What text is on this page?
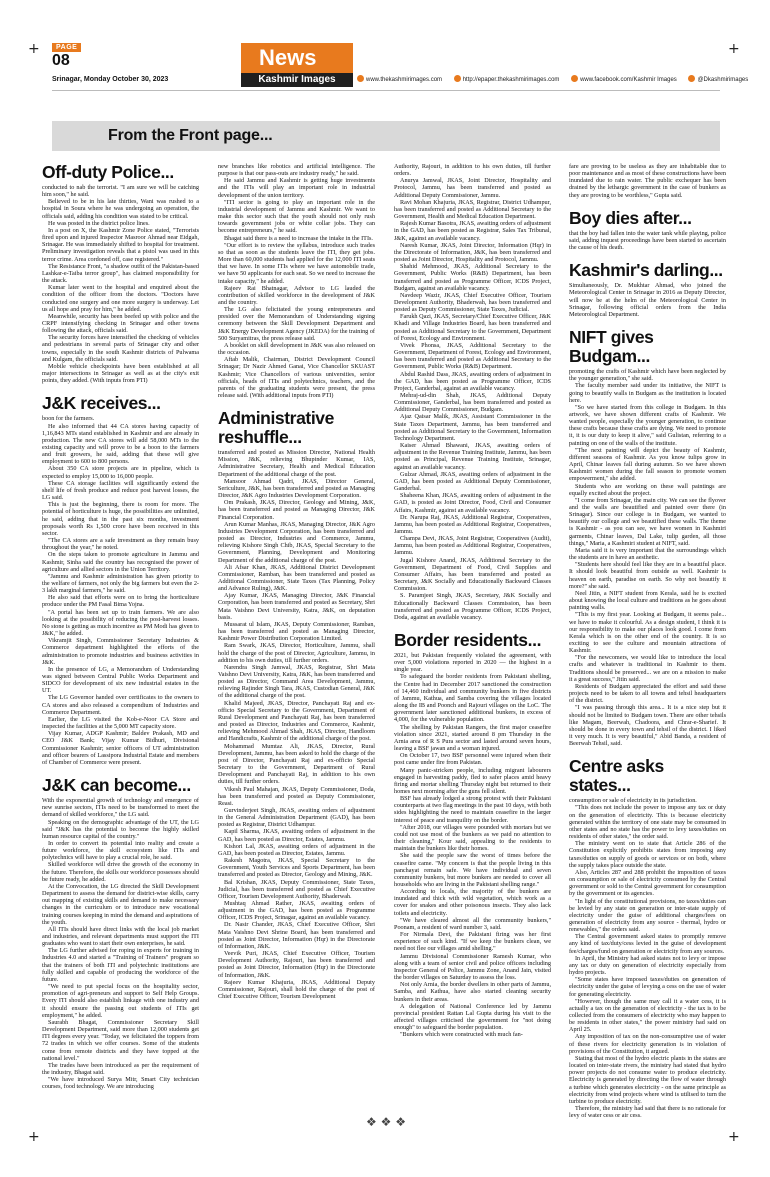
+	+
+	+
PAGE
08
Srinagar, Monday October 30, 2023
News
Kashmir Images	www.thekashmirimages.com	http://epaper.thekashmirimages.com	www.facebook.com/Kashmir Images	@Dkashmirimages
From the Front page...
Off-duty Police...

conducted to nab the terrorist. "I am sure we will be catching him soon," he said.

Believed to be in his late thirties, Wani was rushed to a hospital in Soura where he was undergoing an operation, the officials said, adding his condition was stated to be critical.

He was posted in the district police lines.

In a post on X, the Kashmir Zone Police stated, "Terrorists fired upon and injured Inspector Masroor Ahmad near Eidgah, Srinagar. He was immediately shifted to hospital for treatment. Preliminary investigation reveals that a pistol was used in this terror crime. Area cordoned off, case registered."

The Resistance Front, "a shadow outfit of the Pakistan-based Lashkar-e-Taiba terror group", has claimed responsibility for the attack.

Kumar later went to the hospital and enquired about the condition of the officer from the doctors. "Doctors have conducted one surgery and one more surgery is underway. Let us all hope and pray for him," he added.

Meanwhile, security has been beefed up with police and the CRPF intensifying checking in Srinagar and other towns following the attack, officials said.

The security forces have intensified the checking of vehicles and pedestrians in several parts of Srinagar city and other towns, especially in the south Kashmir districts of Pulwama and Kulgam, the officials said.

Mobile vehicle checkpoints have been established at all major intersections in Srinagar as well as at the city's exit points, they added. (With inputs from PTI)

J&K receives...

boon for the farmers.

He also informed that 44 CA stores having capacity of 1,16,843 MTs stand established in Kashmir and are already in production. The new CA stores will add 58,000 MTs to the existing capacity and will prove to be a boon to the farmers and fruit growers, he said, adding that these will give employment to 600 to 800 persons.

About 350 CA store projects are in pipeline, which is expected to employ 15,000 to 16,000 people.

These CA storage facilities will significantly extend the shelf life of fresh produce and reduce post harvest losses, the LG said.

This is just the beginning, there is room for more. The potential of horticulture is huge, the possibilities are unlimited, he said, adding that in the past six months, investment proposals worth Rs 1,500 crore have been received in this sector.

"The CA stores are a safe investment as they remain busy throughout the year," he noted.

On the steps taken to promote agriculture in Jammu and Kashmir, Sinha said the country has recognised the power of agriculture and allied sectors in the Union Territory.

"Jammu and Kashmir administration has given priority to the welfare of farmers, not only the big farmers but even the 2-3 lakh marginal farmers," he said.

He also said that efforts were on to bring the horticulture produce under the PM Fasal Bima Yojna.

"A portal has been set up to train farmers. We are also looking at the possibility of reducing the post-harvest losses. No stone is getting as much incentive as PM Modi has given to J&K," he added.

Vikramjit Singh, Commissioner Secretary Industries & Commerce department highlighted the efforts of the administration to promote industries and business activities in J&K.

In the presence of LG, a Memorandum of Understanding was signed between Central Public Works Department and SIDCO for development of six new industrial estates in the UT.

The LG Governor handed over certificates to the owners to CA stores and also released a compendium of Industries and Commerce Department.

Earlier, the LG visited the Kob-e-Noor CA Store and inspected the facilities at the 5,000 MT capacity store.

Vijay Kumar, ADGP Kashmir; Baldev Prakash, MD and CEO J&K Bank; Vijay Kumar Bidhuri, Divisional Commissioner Kashmir; senior officers of UT administration and officer bearers of Lassipora Industrial Estate and members of Chamber of Commerce were present.

J&K can become...

With the exponential growth of technology and emergence of new sunrise sectors, ITIs need to be transformed to meet the demand of skilled workforce," the LG said.

Speaking on the demographic advantage of the UT, the LG said "J&K has the potential to become the highly skilled human resource capital of the country."

In order to convert its potential into reality and create a future workforce, the skill ecosystem like ITIs and polytechnics will have to play a crucial role, he said.

Skilled workforce will drive the growth of the economy in the future. Therefore, the skills our workforce possesses should be future ready, he added.

At the Convocation, the LG directed the Skill Development Department to assess the demand for district-wise skills, carry out mapping of existing skills and demand to make necessary changes in the curriculum or to introduce new vocational training courses keeping in mind the demand and aspirations of the youth.

All ITIs should have direct links with the local job market and industries, and relevant departments must support the ITI graduates who want to start their own enterprises, he said.

The LG further advised for roping in experts for training in Industries 4.0 and started a "Training of Trainers" program so that the trainers of both ITI and polytechnic institutions are fully skilled and capable of producing the workforce of the future.

"We need to put special focus on the hospitality sector, promotion of agri-preneurs and support to Self Help Groups. Every ITI should also establish linkage with one industry and it should ensure the passing out students of ITIs get employment," he added.

Saurabh Bhagat, Commissioner Secretary Skill Development Department, said more than 12,000 students get ITI degrees every year. "Today, we felicitated the toppers from 72 trades in which we offer courses. Some of the students come from remote districts and they have topped at the national level."

The trades have been introduced as per the requirement of the industry, Bhagat said.

"We have introduced Surya Mitr, Smart City technician courses, food technology. We are introducing

new branches like robotics and artificial intelligence. The purpose is that our pass-outs are industry ready," he said.

He said Jammu and Kashmir is getting huge investments and the ITIs will play an important role in industrial development of the union territory.

"ITI sector is going to play an important role in the industrial development of Jammu and Kashmir. We want to make this sector such that the youth should not only rush towards government jobs or white collar jobs. They can become entrepreneurs," he said.

Bhagat said there is a need to increase the intake in the ITIs.

"Our effort is to review the syllabus, introduce such trades so that as soon as the students leave the ITI, they get jobs. More than 60,000 students had applied for the 12,000 ITI seats that we have. In some ITIs where we have automobile trade, we have 50 applicants for each seat. So we need to increase the intake capacity," he added.

Rajeev Rai Bhatnagar, Advisor to LG lauded the contribution of skilled workforce in the development of J&K and the country.

The LG also felicitated the young entrepreneurs and presided over the Memorandum of Understanding signing ceremony between the Skill Development Department and J&K Energy Development Agency (JKEDA) for the training of 500 Suryamitras, the press release said.

A booklet on skill development in J&K was also released on the occasion.

Aftab Malik, Chairman, District Development Council Srinagar; Dr Nazir Ahmed Ganai, Vice Chancellor SKUAST Kashmir; Vice Chancellors of various universities, senior officials, heads of ITIs and polytechnics, teachers, and the parents of the graduating students were present, the press release said. (With additional inputs from PTI)

Administrative reshuffle...

transferred and posted as Mission Director, National Health Mission, J&K, relieving Bhupinder Kumar, IAS, Administrative Secretary, Health and Medical Education Department of the additional charge of the post.

Mansoor Ahmad Qadri, JKAS, Director General, Sericulture, J&K, has been transferred and posted as Managing Director, J&K Agro Industries Development Corporation.

Om Prakash, JKAS, Director, Geology and Mining, J&K, has been transferred and posted as Managing Director, J&K Financial Corporation.

Arun Kumar Manhas, JKAS, Managing Director, J&K Agro Industries Development Corporation, has been transferred and posted as Director, Industries and Commerce, Jammu, relieving Kishore Singh Chib, JKAS, Special Secretary to the Government, Planning, Development and Monitoring Department of the additional charge of the post.

Ali Afsar Khan, JKAS, Additional District Development Commissioner, Ramban, has been transferred and posted as Additional Commissioner, State Taxes (Tax Planning, Policy and Advance Ruling), J&K.

Ajay Kumar, JKAS, Managing Director, J&K Financial Corporation, has been transferred and posted as Secretary, Shri Mata Vaishno Devi University, Katra, J&K, on deputation basis.

Mussarat ul Islam, JKAS, Deputy Commissioner, Ramban, has been transferred and posted as Managing Director, Kashmir Power Distribution Corporation Limited.

Ram Swark, JKAS, Director, Horticulture, Jammu, shall hold the charge of the post of Director, Agriculture, Jammu, in addition to his own duties, till further orders.

Narendra Singh Jamwal, JKAS, Registrar, Shri Mata Vaishno Devi University, Katra, J&K, has been transferred and posted as Director, Command Area Development, Jammu, relieving Rajinder Singh Tara, JKAS, Custodian General, J&K of the additional charge of the post.

Khalid Majeed, JKAS, Director, Panchayati Raj and ex-officio Special Secretary to the Government, Department of Rural Development and Panchayati Raj, has been transferred and posted as Director, Industries and Commerce, Kashmir, relieving Mehmood Ahmad Shah, JKAS, Director, Handloom and Handicrafts, Kashmir of the additional charge of the post.

Mohammad Mumtaz Ali, JKAS, Director, Rural Development, Jammu, has been asked to hold the charge of the post of Director, Panchayati Raj and ex-officio Special Secretary to the Government, Department of Rural Development and Panchayati Raj, in addition to his own duties, till further orders.

Vikesh Paul Mahajan, JKAS, Deputy Commissioner, Doda, has been transferred and posted as Deputy Commissioner, Reasi.

Gurvinderjeet Singh, JKAS, awaiting orders of adjustment in the General Administration Department (GAD), has been posted as Registrar, District Udhampur.

Kapil Sharma, JKAS, awaiting orders of adjustment in the GAD, has been posted as Director, Estates, Jammu.

Kishori Lal, JKAS, awaiting orders of adjustment in the GAD, has been posted as Director, Estates, Jammu.

Rakesh Magotra, JKAS, Special Secretary to the Government, Youth Services and Sports Department, has been transferred and posted as Director, Geology and Mining, J&K.

Bal Krishan, JKAS, Deputy Commissioner, State Taxes, Judicial, has been transferred and posted as Chief Executive Officer, Tourism Development Authority, Bhaderwah.

Mushtaq Ahmad Rather, JKAS, awaiting orders of adjustment in the GAD, has been posted as Programme Officer, ICDS Project, Srinagar, against an available vacancy.

Dr. Nasir Chander, JKAS, Chief Executive Officer, Shri Mata Vaishno Devi Shrine Board, has been transferred and posted as Joint Director, Information (Hqr) in the Directorate of Information, J&K.

Veevik Puri, JKAS, Chief Executive Officer, Tourism Development Authority, Rajouri, has been transferred and posted as Joint Director, Information (Hqr) in the Directorate of Information, J&K.

Rajeev Kumar Khajuria, JKAS, Additional Deputy Commissioner, Rajouri, shall hold the charge of the post of Chief Executive Officer, Tourism Development

Authority, Rajouri, in addition to his own duties, till further orders.

Anurya Jamwal, JKAS, Joint Director, Hospitality and Protocol, Jammu, has been transferred and posted as Additional Deputy Commissioner, Jammu.

Ravi Mohan Khajuria, JKAS, Registrar, District Udhampur, has been transferred and posted as Additional Secretary to the Government, Health and Medical Education Department.

Rajesh Kumar Basotra, JKAS, awaiting orders of adjustment in the GAD, has been posted as Registrar, Sales Tax Tribunal, J&K, against an available vacancy.

Naresh Kumar, JKAS, Joint Director, Information (Hqr) in the Directorate of Information, J&K, has been transferred and posted as Joint Director, Hospitality and Protocol, Jammu.

Shahid Mehmood, JKAS, Additional Secretary to the Government, Public Works (R&B) Department, has been transferred and posted as Programme Officer, ICDS Project, Budgam, against an available vacancy.

Navdeep Wazir, JKAS, Chief Executive Officer, Tourism Development Authority, Bhaderwah, has been transferred and posted as Deputy Commissioner, State Taxes, Judicial.

Farukh Qazi, JKAS, Secretary/Chief Executive Officer, J&K Khadi and Village Industries Board, has been transferred and posted as Additional Secretary to the Government, Department of Forest, Ecology and Environment.

Vivek Phonsa, JKAS, Additional Secretary to the Government, Department of Forest, Ecology and Environment, has been transferred and posted as Additional Secretary to the Government, Public Works (R&B) Department.

Abdul Rashid Dass, JKAS, awaiting orders of adjustment in the GAD, has been posted as Programme Officer, ICDS Project, Ganderbal, against an available vacancy.

Mehraj-ud-din Shah, JKAS, Additional Deputy Commissioner, Ganderbal, has been transferred and posted as Additional Deputy Commissioner, Budgam.

Ajaz Qaisar Malik, JKAS, Assistant Commissioner in the State Taxes Department, Jammu, has been transferred and posted as Additional Secretary to the Government, Information Technology Department.

Kaiser Ahmad Bhawani, JKAS, awaiting orders of adjustment in the Revenue Training Institute, Jammu, has been posted as Principal, Revenue Training Institute, Srinagar, against an available vacancy.

Gulzar Ahmad, JKAS, awaiting orders of adjustment in the GAD, has been posted as Additional Deputy Commissioner, Ganderbal.

Shaheena Khan, JKAS, awaiting orders of adjustment in the GAD, is posted as Joint Director, Food, Civil and Consumer Affairs, Kashmir, against an available vacancy.

Dr. Narupa Raj, JKAS, Additional Registrar, Cooperatives, Jammu, has been posted as Additional Registrar, Cooperatives, Jammu.

Champa Devi, JKAS, Joint Registrar, Cooperatives (Audit), Jammu, has been posted as Additional Registrar, Cooperatives, Jammu.

Jugal Kishore Anand, JKAS, Additional Secretary to the Government, Department of Food, Civil Supplies and Consumer Affairs, has been transferred and posted as Secretary, J&K Socially and Educationally Backward Classes Commission.

S. Paramjeet Singh, JKAS, Secretary, J&K Socially and Educationally Backward Classes Commission, has been transferred and posted as Programme Officer, ICDS Project, Doda, against an available vacancy.

Border residents...

2021, but Pakistan frequently violated the agreement, with over 5,000 violations reported in 2020 — the highest in a single year.

To safeguard the border residents from Pakistani shelling, the Centre had in December 2017 sanctioned the construction of 14,460 individual and community bunkers in five districts of Jammu, Kathua, and Samba covering the villages located along the IB and Poonch and Rajouri villages on the LoC. The government later sanctioned additional bunkers, in excess of 4,000, for the vulnerable population.

The shelling by Pakistan Rangers, the first major ceasefire violation since 2021, started around 8 pm Thursday in the Arnia area of R S Pura sector and lasted around seven hours, leaving a BSF jawan and a woman injured.

On October 17, two BSF personnel were injured when their post came under fire from Pakistan.

Many panic-stricken people, including migrant labourers engaged in harvesting paddy, fled to safer places amid heavy firing and mortar shelling Thursday night but returned to their homes next morning after the guns fell silent.

BSF has already lodged a strong protest with their Pakistani counterparts at two flag meetings in the past 10 days, with both sides highlighting the need to maintain ceasefire in the larger interest of peace and tranquility on the border.

"After 2018, our villages were pounded with mortars but we could not use most of the bunkers as we paid no attention to their cleaning," Kour said, appealing to the residents to maintain the bunkers like their homes.

She said the people saw the worst of times before the ceasefire came. "My concern is that the people living in this panchayat remain safe. We have individual and seven community bunkers, but more bunkers are needed to cover all households who are living in the Pakistani shelling range."

According to locals, the majority of the bunkers are inundated and thick with wild vegetation, which work as a cover for snakes and other poisonous insects. They also lack toilets and electricity.

"We have cleared almost all the community bunkers," Poonam, a resident of ward number 3, said.

For Nirmala Devi, the Pakistani firing was her first experience of such kind. "If we keep the bunkers clean, we need not flee our villages amid shelling."

Jammu Divisional Commissioner Ramesh Kumar, who along with a team of senior civil and police officers including Inspector General of Police, Jammu Zone, Anand Jain, visited the border villages on Saturday to assess the loss.

Not only Arnia, the border dwellers in other parts of Jammu, Samba, and Kathua, have also started cleaning security bunkers in their areas.

A delegation of National Conference led by Jammu provincial president Rattan Lal Gupta during his visit to the affected villages criticised the government for "not doing enough" to safeguard the border population.

"Bunkers which were constructed with much fan-

fare are proving to be useless as they are inhabitable due to poor maintenance and as most of these constructions have been inundated due to rain water. The public exchequer has been drained by the lethargic government in the case of bunkers as they are proving to be worthless," Gupta said.

Boy dies after...

that the boy had fallen into the water tank while playing, police said, adding inquest proceedings have been started to ascertain the cause of his death.

Kashmir's darling...

Simultaneously, Dr. Mukhtar Ahmad, who joined the Meteorological Center in Srinagar in 2016 as Deputy Director, will now be at the helm of the Meteorological Center in Srinagar, following official orders from the India Meteorological Department.

NIFT gives Budgam...

promoting the crafts of Kashmir which have been neglected by the younger generation," she said.

The faculty member said under its initiative, the NIFT is going to beautify walls in Budgam as the institution is located here.

"So we have started from this college in Budgam. In this artwork, we have shown different crafts of Kashmir. We wanted people, especially the younger generation, to continue these crafts because these crafts are dying. We need to promote it, it is our duty to keep it alive," said Gulistan, referring to a painting on one of the walls of the institute.

"The next painting will depict the beauty of Kashmir, different seasons of Kashmir. As you know tulips grow in April, Chinar leaves fall during autumn. So we have shown Kashmiri women during the fall season to promote women empowerment," she added.

Students who are working on these wall paintings are equally excited about the project.

"I come from Srinagar, the main city. We can see the flyover and the walls are beautified and painted over there (in Srinagar). Since our college is in Budgam, we wanted to beautify our college and we beautified these walls. The theme is Kashmir - as you can see, we have women in Kashmiri garments, Chinar leaves, Dal Lake, tulip garden, all those things," Maria, a Kashmiri student at NIFT, said.

Maria said it is very important that the surroundings which the students are in have an aesthetic.

"Students here should feel like they are in a beautiful place. It should look beautiful from outside as well. Kashmir is heaven on earth, paradise on earth. So why not beautify it more?" she said.

Neel Jitin, a NIFT student from Kerala, said he is excited about knowing the local culture and traditions as he goes about painting walls.

"This is my first year. Looking at Budgam, it seems pale... we have to make it colourful. As a design student, I think it is our responsibility to make our places look good. I come from Kerala which is on the other end of the country. It is so exciting to see the culture and mountain attractions of Kashmir.

"For the newcomers, we would like to introduce the local crafts and whatever is traditional in Kashmir to them. Traditions should be preserved... we are on a mission to make it a great success," Jitin said.

Residents of Budgam appreciated the effort and said these projects need to be taken to all towns and tehsil headquarters of the district.

"I was passing through this area... It is a nice step but it should not be limited to Budgam town. There are other tehsils like Magam, Beerwah, Chadoora, and Chrar-e-Sharief. It should be done in every town and tehsil of the district. I liked it very much. It is very beautiful," Abid Banda, a resident of Beerwah Tehsil, said.

Centre asks states...

consumption or sale of electricity in its jurisdiction.

"This does not include the power to impose any tax or duty on the generation of electricity. This is because electricity generated within the territory of one state may be consumed in other states and no state has the power to levy taxes/duties on residents of other states," the order said.

The ministry went on to state that Article 286 of the Constitution explicitly prohibits states from imposing any taxes/duties on supply of goods or services or on both, where the supply takes place outside the state.

Also, Articles 287 and 288 prohibit the imposition of taxes on consumption or sale of electricity consumed by the Central government or sold to the Central government for consumption by the government or its agencies.

"In light of the constitutional provisions, no taxes/duties can be levied by any state on generation or inter-state supply of electricity under the guise of additional charges/fees on generation of electricity from any source - thermal, hydro or renewables," the orders said.

The Central government asked states to promptly remove any kind of tax/duty/cess levied in the guise of development fee/charges/fund on generation or electricity from any sources.

In April, the Ministry had asked states not to levy or impose any tax or duty on generation of electricity especially from hydro projects.

"Some states have imposed taxes/duties on generation of electricity under the guise of levying a cess on the use of water for generating electricity.

"However, though the same may call it a water cess, it is actually a tax on the generation of electricity - the tax is to be collected from the consumers of electricity who may happen to be residents in other states," the power ministry had said on April 25.

Any imposition of tax on the non-consumptive use of water of these rivers for electricity generation is in violation of provisions of the Constitution, it argued.

Stating that most of the hydro electric plants in the states are located on inter-state rivers, the ministry had stated that hydro power projects do not consume water to produce electricity. Electricity is generated by directing the flow of water through a turbine which generates electricity - on the same principle as electricity from wind projects where wind is utilised to turn the turbine to produce electricity.

Therefore, the ministry had said that there is no rationale for levy of water cess or air cess.

❖ ❖ ❖
